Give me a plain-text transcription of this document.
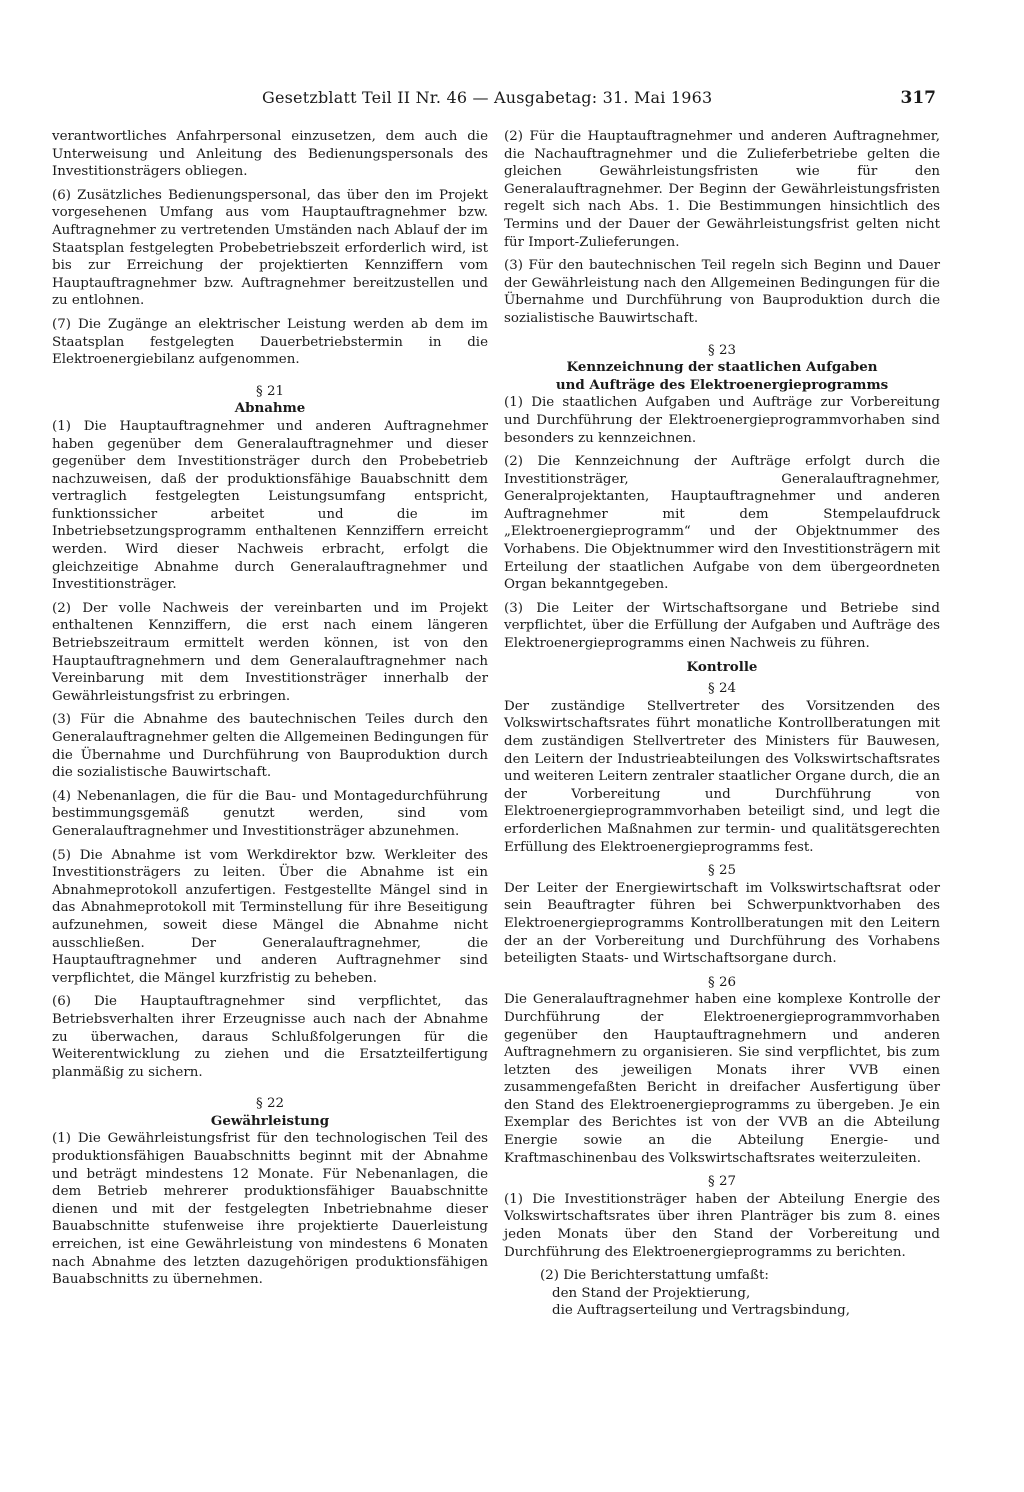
Gesetzblatt Teil II Nr. 46 — Ausgabetag: 31. Mai 1963	317

verantwortliches Anfahrpersonal einzusetzen, dem auch die Unterweisung und Anleitung des Bedienungspersonals des Investitionsträgers obliegen.

(6) Zusätzliches Bedienungspersonal, das über den im Projekt vorgesehenen Umfang aus vom Hauptauftragnehmer bzw. Auftragnehmer zu vertretenden Umständen nach Ablauf der im Staatsplan festgelegten Probebetriebszeit erforderlich wird, ist bis zur Erreichung der projektierten Kennziffern vom Hauptauftragnehmer bzw. Auftragnehmer bereitzustellen und zu entlohnen.

(7) Die Zugänge an elektrischer Leistung werden ab dem im Staatsplan festgelegten Dauerbetriebstermin in die Elektroenergiebilanz aufgenommen.

§ 21
Abnahme

(1) Die Hauptauftragnehmer und anderen Auftragnehmer haben gegenüber dem Generalauftragnehmer und dieser gegenüber dem Investitionsträger durch den Probebetrieb nachzuweisen, daß der produktionsfähige Bauabschnitt dem vertraglich festgelegten Leistungsumfang entspricht, funktionssicher arbeitet und die im Inbetriebsetzungsprogramm enthaltenen Kennziffern erreicht werden. Wird dieser Nachweis erbracht, erfolgt die gleichzeitige Abnahme durch Generalauftragnehmer und Investitionsträger.

(2) Der volle Nachweis der vereinbarten und im Projekt enthaltenen Kennziffern, die erst nach einem längeren Betriebszeitraum ermittelt werden können, ist von den Hauptauftragnehmern und dem Generalauftragnehmer nach Vereinbarung mit dem Investitionsträger innerhalb der Gewährleistungsfrist zu erbringen.

(3) Für die Abnahme des bautechnischen Teiles durch den Generalauftragnehmer gelten die Allgemeinen Bedingungen für die Übernahme und Durchführung von Bauproduktion durch die sozialistische Bauwirtschaft.

(4) Nebenanlagen, die für die Bau- und Montagedurchführung bestimmungsgemäß genutzt werden, sind vom Generalauftragnehmer und Investitionsträger abzunehmen.

(5) Die Abnahme ist vom Werkdirektor bzw. Werkleiter des Investitionsträgers zu leiten. Über die Abnahme ist ein Abnahmeprotokoll anzufertigen. Festgestellte Mängel sind in das Abnahmeprotokoll mit Terminstellung für ihre Beseitigung aufzunehmen, soweit diese Mängel die Abnahme nicht ausschließen. Der Generalauftragnehmer, die Hauptauftragnehmer und anderen Auftragnehmer sind verpflichtet, die Mängel kurzfristig zu beheben.

(6) Die Hauptauftragnehmer sind verpflichtet, das Betriebsverhalten ihrer Erzeugnisse auch nach der Abnahme zu überwachen, daraus Schlußfolgerungen für die Weiterentwicklung zu ziehen und die Ersatzteilfertigung planmäßig zu sichern.

§ 22
Gewährleistung

(1) Die Gewährleistungsfrist für den technologischen Teil des produktionsfähigen Bauabschnitts beginnt mit der Abnahme und beträgt mindestens 12 Monate. Für Nebenanlagen, die dem Betrieb mehrerer produktionsfähiger Bauabschnitte dienen und mit der festgelegten Inbetriebnahme dieser Bauabschnitte stufenweise ihre projektierte Dauerleistung erreichen, ist eine Gewährleistung von mindestens 6 Monaten nach Abnahme des letzten dazugehörigen produktionsfähigen Bauabschnitts zu übernehmen.

(2) Für die Hauptauftragnehmer und anderen Auftragnehmer, die Nachauftragnehmer und die Zulieferbetriebe gelten die gleichen Gewährleistungsfristen wie für den Generalauftragnehmer. Der Beginn der Gewährleistungsfristen regelt sich nach Abs. 1. Die Bestimmungen hinsichtlich des Termins und der Dauer der Gewährleistungsfrist gelten nicht für Import-Zulieferungen.

(3) Für den bautechnischen Teil regeln sich Beginn und Dauer der Gewährleistung nach den Allgemeinen Bedingungen für die Übernahme und Durchführung von Bauproduktion durch die sozialistische Bauwirtschaft.

§ 23
Kennzeichnung der staatlichen Aufgaben
und Aufträge des Elektroenergieprogramms

(1) Die staatlichen Aufgaben und Aufträge zur Vorbereitung und Durchführung der Elektroenergieprogrammvorhaben sind besonders zu kennzeichnen.

(2) Die Kennzeichnung der Aufträge erfolgt durch die Investitionsträger, Generalauftragnehmer, Generalprojektanten, Hauptauftragnehmer und anderen Auftragnehmer mit dem Stempelaufdruck „Elektroenergieprogramm“ und der Objektnummer des Vorhabens. Die Objektnummer wird den Investitionsträgern mit Erteilung der staatlichen Aufgabe von dem übergeordneten Organ bekanntgegeben.

(3) Die Leiter der Wirtschaftsorgane und Betriebe sind verpflichtet, über die Erfüllung der Aufgaben und Aufträge des Elektroenergieprogramms einen Nachweis zu führen.

Kontrolle
§ 24

Der zuständige Stellvertreter des Vorsitzenden des Volkswirtschaftsrates führt monatliche Kontrollberatungen mit dem zuständigen Stellvertreter des Ministers für Bauwesen, den Leitern der Industrieabteilungen des Volkswirtschaftsrates und weiteren Leitern zentraler staatlicher Organe durch, die an der Vorbereitung und Durchführung von Elektroenergieprogrammvorhaben beteiligt sind, und legt die erforderlichen Maßnahmen zur termin- und qualitätsgerechten Erfüllung des Elektroenergieprogramms fest.

§ 25

Der Leiter der Energiewirtschaft im Volkswirtschaftsrat oder sein Beauftragter führen bei Schwerpunktvorhaben des Elektroenergieprogramms Kontrollberatungen mit den Leitern der an der Vorbereitung und Durchführung des Vorhabens beteiligten Staats- und Wirtschaftsorgane durch.

§ 26

Die Generalauftragnehmer haben eine komplexe Kontrolle der Durchführung der Elektroenergieprogrammvorhaben gegenüber den Hauptauftragnehmern und anderen Auftragnehmern zu organisieren. Sie sind verpflichtet, bis zum letzten des jeweiligen Monats ihrer VVB einen zusammengefaßten Bericht in dreifacher Ausfertigung über den Stand des Elektroenergieprogramms zu übergeben. Je ein Exemplar des Berichtes ist von der VVB an die Abteilung Energie sowie an die Abteilung Energie- und Kraftmaschinenbau des Volkswirtschaftsrates weiterzuleiten.

§ 27

(1) Die Investitionsträger haben der Abteilung Energie des Volkswirtschaftsrates über ihren Planträger bis zum 8. eines jeden Monats über den Stand der Vorbereitung und Durchführung des Elektroenergieprogramms zu berichten.

(2) Die Berichterstattung umfaßt:

den Stand der Projektierung,

die Auftragserteilung und Vertragsbindung,
